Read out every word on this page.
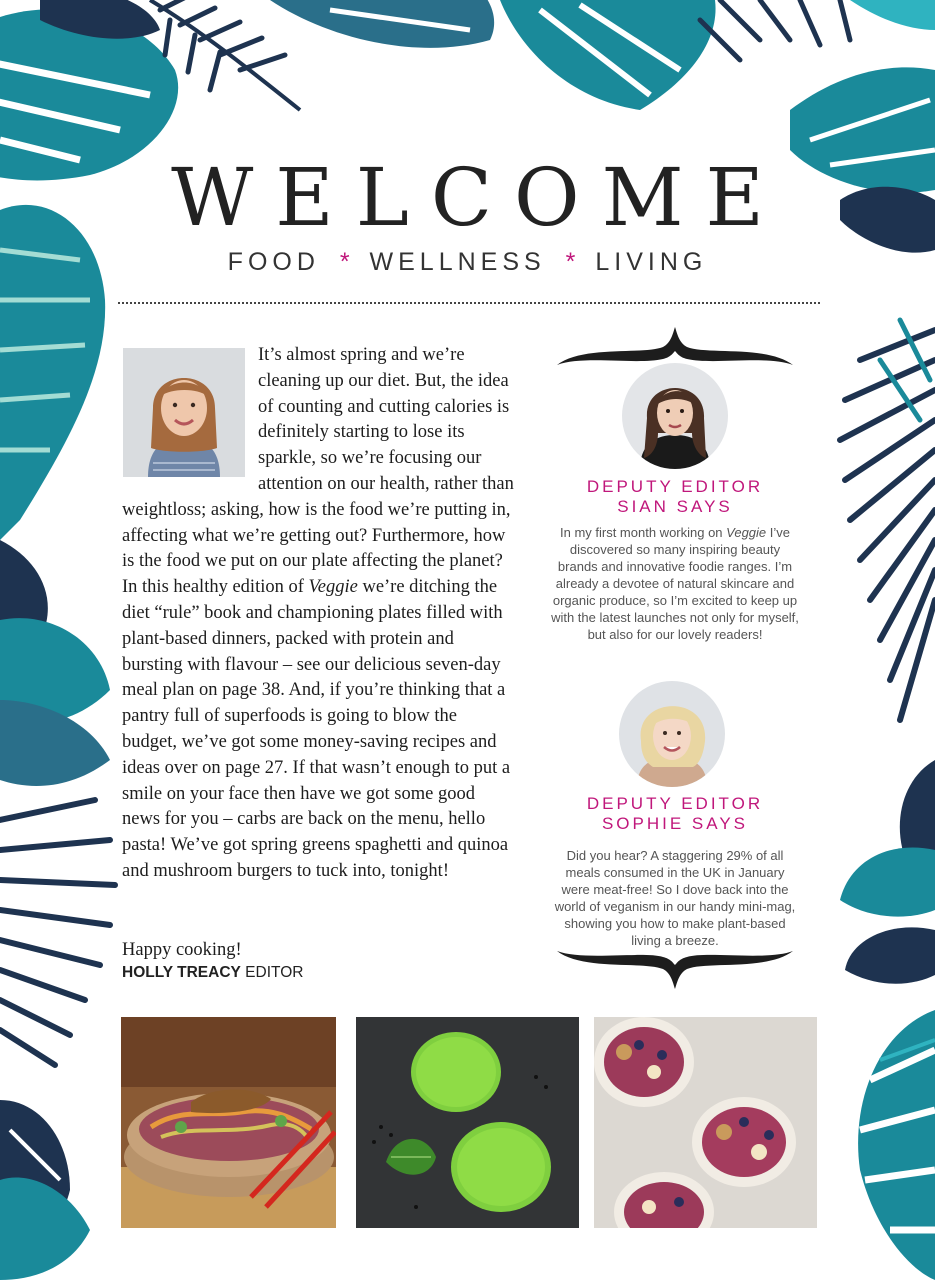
WELCOME
FOOD * WELLNESS * LIVING

It’s almost spring and we’re cleaning up our diet. But, the idea of counting and cutting calories is definitely starting to lose its sparkle, so we’re focusing our attention on our health, rather than weightloss; asking, how is the food we’re putting in, affecting what we’re getting out? Furthermore, how is the food we put on our plate affecting the planet? In this healthy edition of Veggie we’re ditching the diet “rule” book and championing plates filled with plant-based dinners, packed with protein and bursting with flavour – see our delicious seven-day meal plan on page 38. And, if you’re thinking that a pantry full of superfoods is going to blow the budget, we’ve got some money-saving recipes and ideas over on page 27. If that wasn’t enough to put a smile on your face then have we got some good news for you – carbs are back on the menu, hello pasta! We’ve got spring greens spaghetti and quinoa and mushroom burgers to tuck into, tonight!

Happy cooking!
HOLLY TREACY EDITOR
DEPUTY EDITOR
SIAN SAYS
In my first month working on Veggie I’ve discovered so many inspiring beauty brands and innovative foodie ranges. I’m already a devotee of natural skincare and organic produce, so I’m excited to keep up with the latest launches not only for myself, but also for our lovely readers!
DEPUTY EDITOR
SOPHIE SAYS
Did you hear? A staggering 29% of all meals consumed in the UK in January were meat-free! So I dove back into the world of veganism in our handy mini-mag, showing you how to make plant-based living a breeze.
